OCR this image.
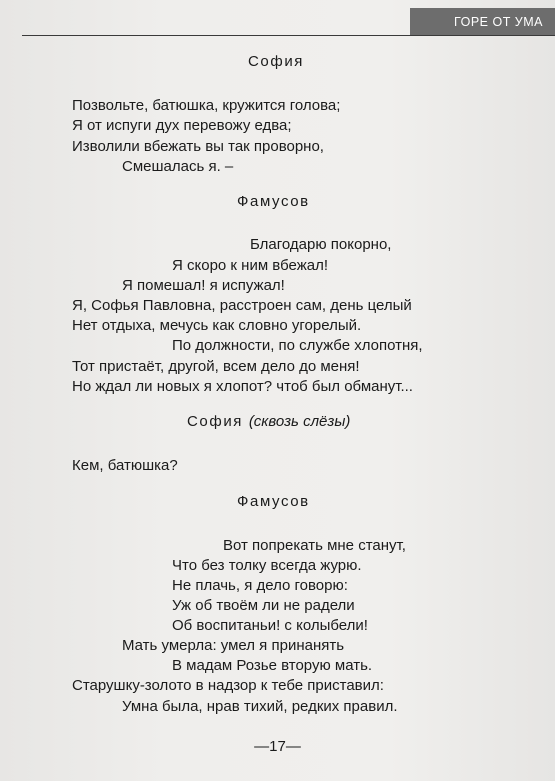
ГОРЕ ОТ УМА
София
Позвольте, батюшка, кружится голова;
Я от испуги дух перевожу едва;
Изволили вбежать вы так проворно,
Смешалась я. –
Фамусов
Благодарю покорно,
Я скоро к ним вбежал!
Я помешал! я испужал!
Я, Софья Павловна, расстроен сам, день целый
Нет отдыха, мечусь как словно угорелый.
По должности, по службе хлопотня,
Тот пристаёт, другой, всем дело до меня!
Но ждал ли новых я хлопот? чтоб был обманут...
София (сквозь слёзы)
Кем, батюшка?
Фамусов
Вот попрекать мне станут,
Что без толку всегда журю.
Не плачь, я дело говорю:
Уж об твоём ли не радели
Об воспитаньи! с колыбели!
Мать умерла: умел я принанять
В мадам Розье вторую мать.
Старушку-золото в надзор к тебе приставил:
Умна была, нрав тихий, редких правил.
—17—
